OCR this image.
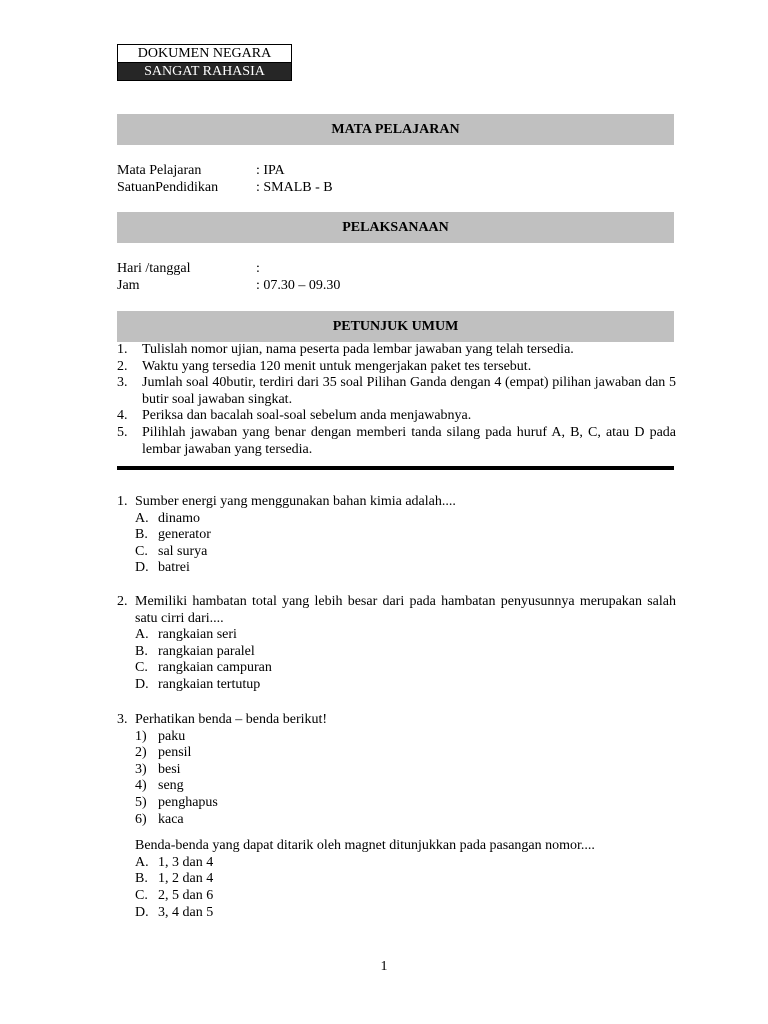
DOKUMEN NEGARA
SANGAT RAHASIA
MATA PELAJARAN
Mata Pelajaran	: IPA
SatuanPendidikan	: SMALB - B
PELAKSANAAN
Hari /tanggal	:
Jam	: 07.30 – 09.30
PETUNJUK UMUM
1. Tulislah nomor ujian, nama peserta pada lembar jawaban yang telah tersedia.
2. Waktu yang tersedia 120 menit untuk mengerjakan paket tes tersebut.
3. Jumlah soal 40butir, terdiri dari 35 soal Pilihan Ganda dengan 4 (empat) pilihan jawaban dan 5 butir soal jawaban singkat.
4. Periksa dan bacalah soal-soal sebelum anda menjawabnya.
5. Pilihlah jawaban yang benar dengan memberi tanda silang pada huruf A, B, C, atau D pada lembar jawaban yang tersedia.
1. Sumber energi yang menggunakan bahan kimia adalah....
A. dinamo
B. generator
C. sal surya
D. batrei
2. Memiliki hambatan total yang lebih besar dari pada hambatan penyusunnya merupakan salah satu cirri dari....
A. rangkaian seri
B. rangkaian paralel
C. rangkaian campuran
D. rangkaian tertutup
3. Perhatikan benda – benda berikut!
1) paku
2) pensil
3) besi
4) seng
5) penghapus
6) kaca
Benda-benda yang dapat ditarik oleh magnet ditunjukkan pada pasangan nomor....
A. 1, 3 dan 4
B. 1, 2 dan 4
C. 2, 5 dan 6
D. 3, 4 dan 5
1
